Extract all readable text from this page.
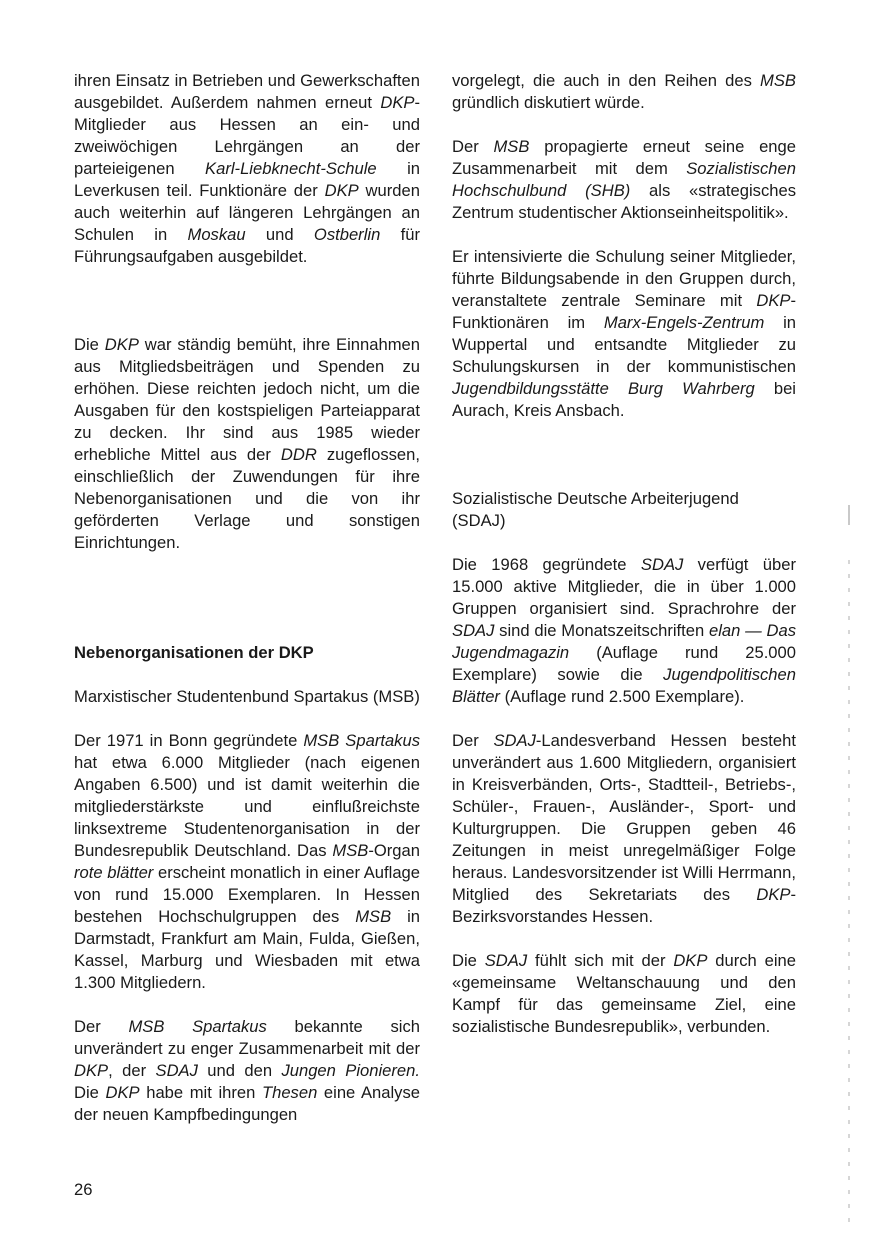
ihren Einsatz in Betrieben und Gewerkschaften ausgebildet. Außerdem nahmen erneut DKP-Mitglieder aus Hessen an ein- und zweiwöchigen Lehrgängen an der parteieigenen Karl-Liebknecht-Schule in Leverkusen teil. Funktionäre der DKP wurden auch weiterhin auf längeren Lehrgängen an Schulen in Moskau und Ostberlin für Führungsaufgaben ausgebildet.

Die DKP war ständig bemüht, ihre Einnahmen aus Mitgliedsbeiträgen und Spenden zu erhöhen. Diese reichten jedoch nicht, um die Ausgaben für den kostspieligen Parteiapparat zu decken. Ihr sind aus 1985 wieder erhebliche Mittel aus der DDR zugeflossen, einschließlich der Zuwendungen für ihre Nebenorganisationen und die von ihr geförderten Verlage und sonstigen Einrichtungen.

Nebenorganisationen der DKP

Marxistischer Studentenbund Spartakus (MSB)

Der 1971 in Bonn gegründete MSB Spartakus hat etwa 6.000 Mitglieder (nach eigenen Angaben 6.500) und ist damit weiterhin die mitgliederstärkste und einflußreichste linksextreme Studentenorganisation in der Bundesrepublik Deutschland. Das MSB-Organ rote blätter erscheint monatlich in einer Auflage von rund 15.000 Exemplaren. In Hessen bestehen Hochschulgruppen des MSB in Darmstadt, Frankfurt am Main, Fulda, Gießen, Kassel, Marburg und Wiesbaden mit etwa 1.300 Mitgliedern.

Der MSB Spartakus bekannte sich unverändert zu enger Zusammenarbeit mit der DKP, der SDAJ und den Jungen Pionieren. Die DKP habe mit ihren Thesen eine Analyse der neuen Kampfbedingungen

vorgelegt, die auch in den Reihen des MSB gründlich diskutiert würde.

Der MSB propagierte erneut seine enge Zusammenarbeit mit dem Sozialistischen Hochschulbund (SHB) als «strategisches Zentrum studentischer Aktionseinheitspolitik».

Er intensivierte die Schulung seiner Mitglieder, führte Bildungsabende in den Gruppen durch, veranstaltete zentrale Seminare mit DKP-Funktionären im Marx-Engels-Zentrum in Wuppertal und entsandte Mitglieder zu Schulungskursen in der kommunistischen Jugendbildungsstätte Burg Wahrberg bei Aurach, Kreis Ansbach.

Sozialistische Deutsche Arbeiterjugend (SDAJ)

Die 1968 gegründete SDAJ verfügt über 15.000 aktive Mitglieder, die in über 1.000 Gruppen organisiert sind. Sprachrohre der SDAJ sind die Monatszeitschriften elan — Das Jugendmagazin (Auflage rund 25.000 Exemplare) sowie die Jugendpolitischen Blätter (Auflage rund 2.500 Exemplare).

Der SDAJ-Landesverband Hessen besteht unverändert aus 1.600 Mitgliedern, organisiert in Kreisverbänden, Orts-, Stadtteil-, Betriebs-, Schüler-, Frauen-, Ausländer-, Sport- und Kulturgruppen. Die Gruppen geben 46 Zeitungen in meist unregelmäßiger Folge heraus. Landesvorsitzender ist Willi Herrmann, Mitglied des Sekretariats des DKP-Bezirksvorstandes Hessen.

Die SDAJ fühlt sich mit der DKP durch eine «gemeinsame Weltanschauung und den Kampf für das gemeinsame Ziel, eine sozialistische Bundesrepublik», verbunden.

26
